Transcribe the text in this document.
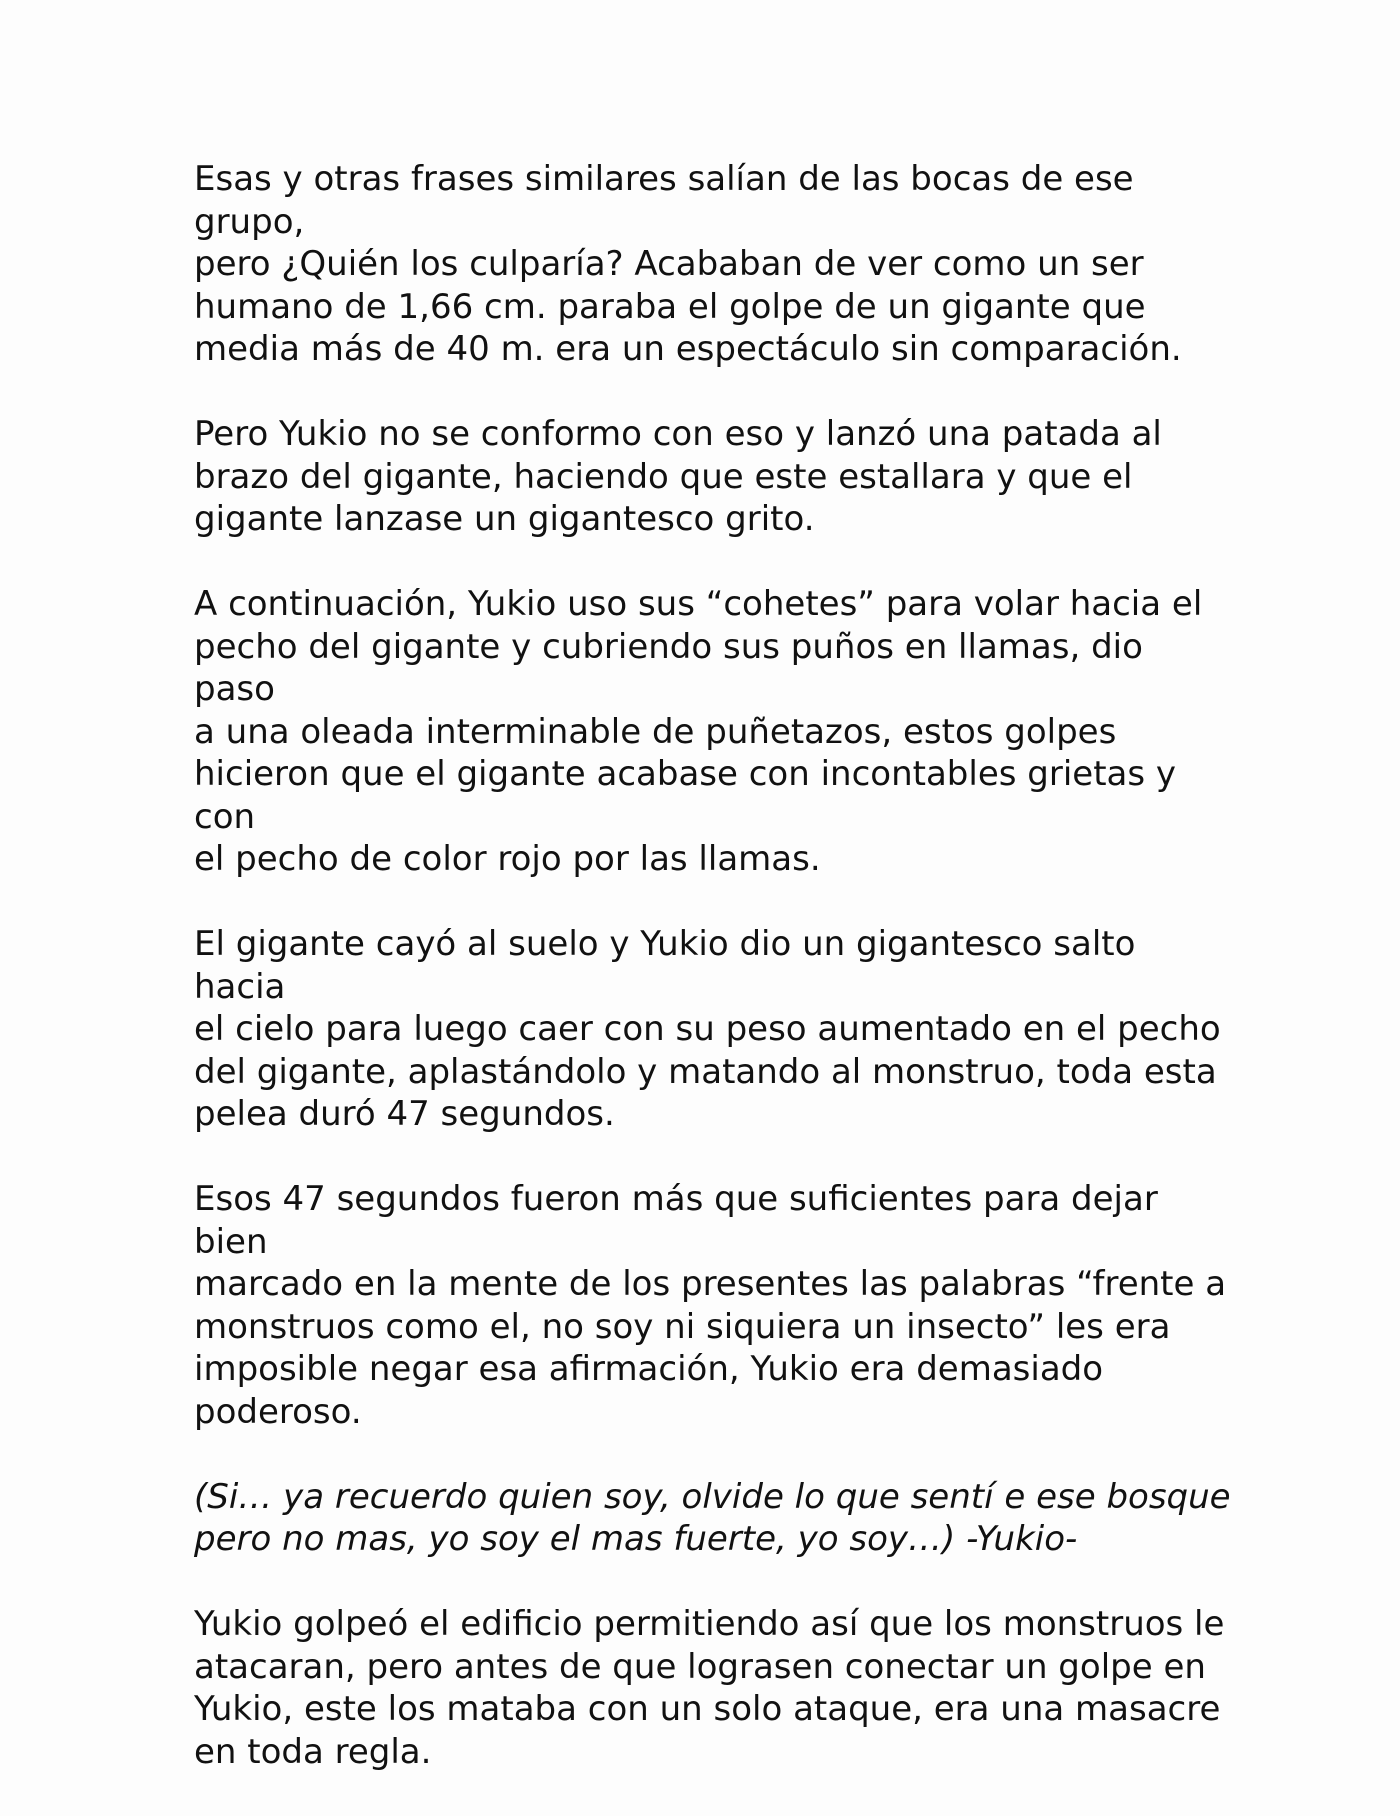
Esas y otras frases similares salían de las bocas de ese grupo,
pero ¿Quién los culparía? Acababan de ver como un ser
humano de 1,66 cm. paraba el golpe de un gigante que
media más de 40 m. era un espectáculo sin comparación.

Pero Yukio no se conformo con eso y lanzó una patada al
brazo del gigante, haciendo que este estallara y que el
gigante lanzase un gigantesco grito.

A continuación, Yukio uso sus “cohetes” para volar hacia el
pecho del gigante y cubriendo sus puños en llamas, dio paso
a una oleada interminable de puñetazos, estos golpes
hicieron que el gigante acabase con incontables grietas y con
el pecho de color rojo por las llamas.

El gigante cayó al suelo y Yukio dio un gigantesco salto hacia
el cielo para luego caer con su peso aumentado en el pecho
del gigante, aplastándolo y matando al monstruo, toda esta
pelea duró 47 segundos.

Esos 47 segundos fueron más que suficientes para dejar bien
marcado en la mente de los presentes las palabras “frente a
monstruos como el, no soy ni siquiera un insecto” les era
imposible negar esa afirmación, Yukio era demasiado
poderoso.

(Si… ya recuerdo quien soy, olvide lo que sentí e ese bosque
pero no mas, yo soy el mas fuerte, yo soy…) -Yukio-

Yukio golpeó el edificio permitiendo así que los monstruos le
atacaran, pero antes de que lograsen conectar un golpe en
Yukio, este los mataba con un solo ataque, era una masacre
en toda regla.
